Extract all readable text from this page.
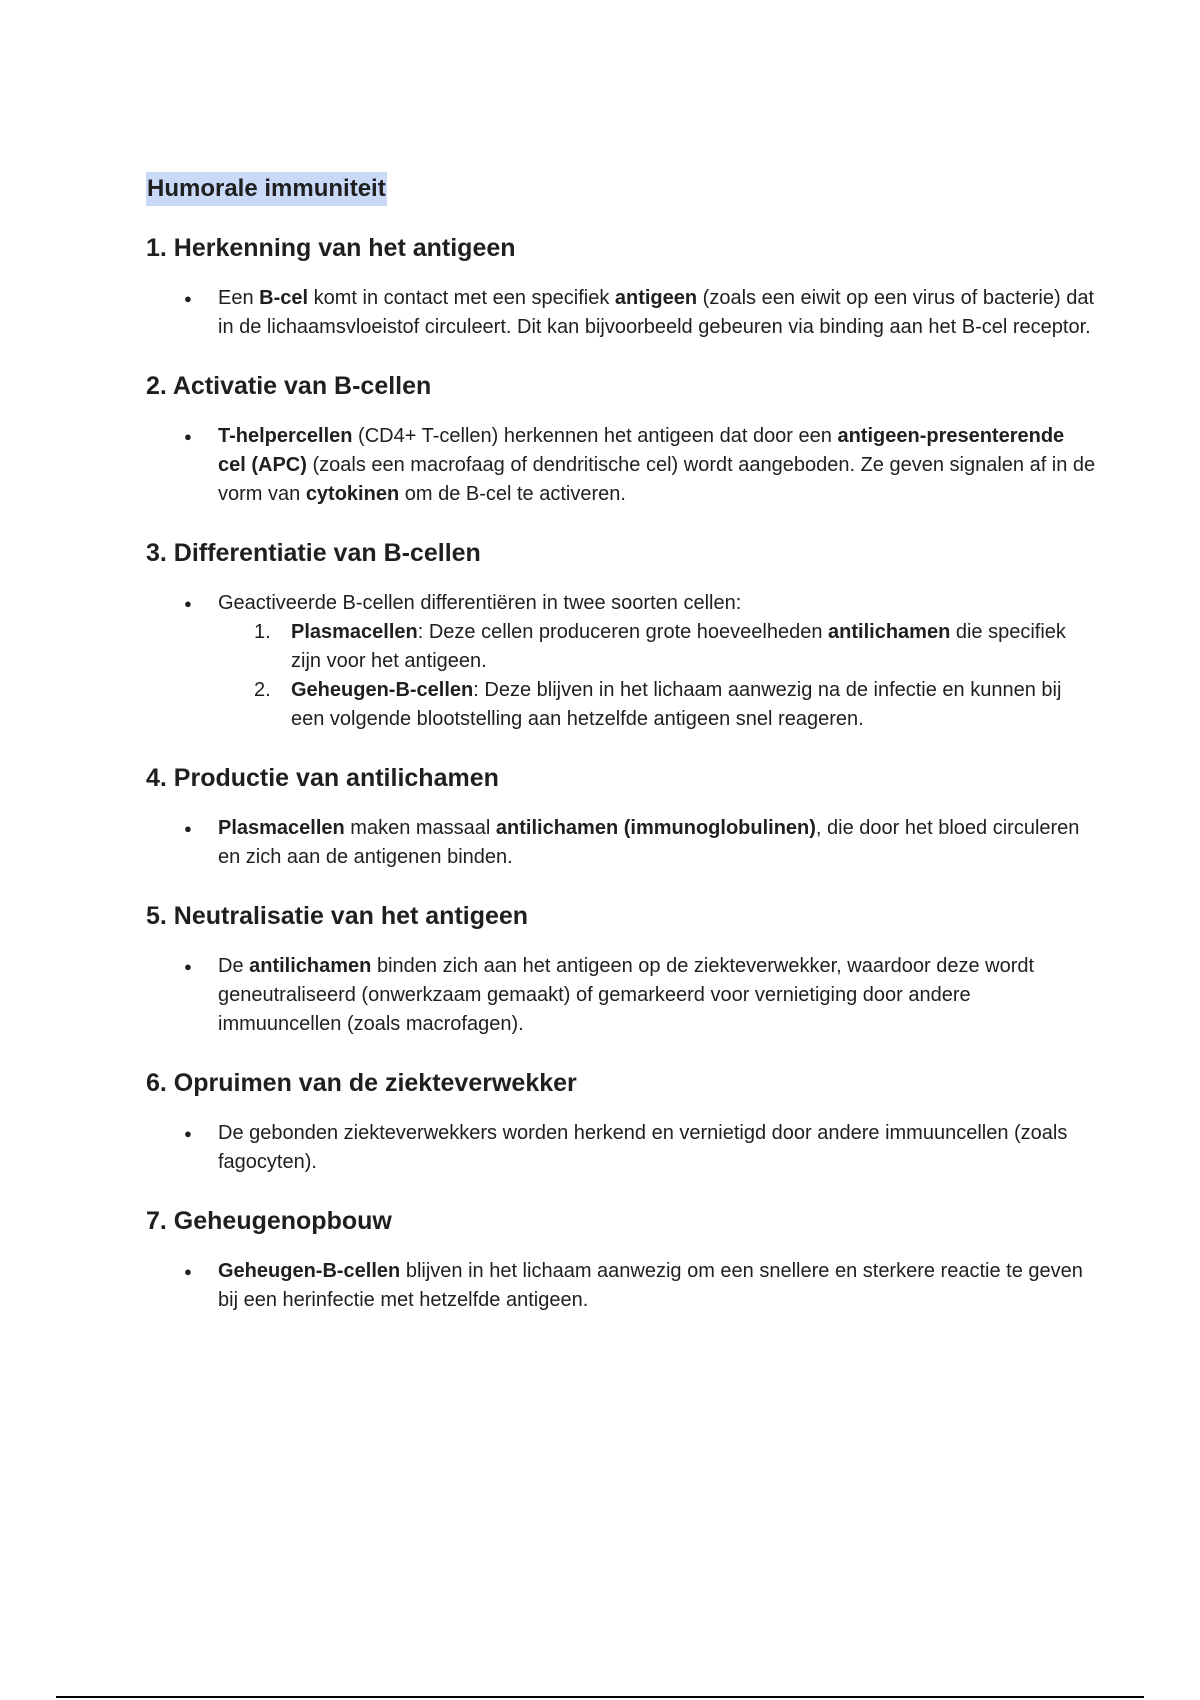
Humorale immuniteit
1. Herkenning van het antigeen
● Een B-cel komt in contact met een specifiek antigeen (zoals een eiwit op een virus of bacterie) dat in de lichaamsvloeistof circuleert. Dit kan bijvoorbeeld gebeuren via binding aan het B-cel receptor.
2. Activatie van B-cellen
● T-helpercellen (CD4+ T-cellen) herkennen het antigeen dat door een antigeen-presenterende cel (APC) (zoals een macrofaag of dendritische cel) wordt aangeboden. Ze geven signalen af in de vorm van cytokinen om de B-cel te activeren.
3. Differentiatie van B-cellen
● Geactiveerde B-cellen differentiëren in twee soorten cellen:
1. Plasmacellen: Deze cellen produceren grote hoeveelheden antilichamen die specifiek zijn voor het antigeen.
2. Geheugen-B-cellen: Deze blijven in het lichaam aanwezig na de infectie en kunnen bij een volgende blootstelling aan hetzelfde antigeen snel reageren.
4. Productie van antilichamen
● Plasmacellen maken massaal antilichamen (immunoglobulinen), die door het bloed circuleren en zich aan de antigenen binden.
5. Neutralisatie van het antigeen
● De antilichamen binden zich aan het antigeen op de ziekteverwekker, waardoor deze wordt geneutraliseerd (onwerkzaam gemaakt) of gemarkeerd voor vernietiging door andere immuuncellen (zoals macrofagen).
6. Opruimen van de ziekteverwekker
● De gebonden ziekteverwekkers worden herkend en vernietigd door andere immuuncellen (zoals fagocyten).
7. Geheugenopbouw
● Geheugen-B-cellen blijven in het lichaam aanwezig om een snellere en sterkere reactie te geven bij een herinfectie met hetzelfde antigeen.
